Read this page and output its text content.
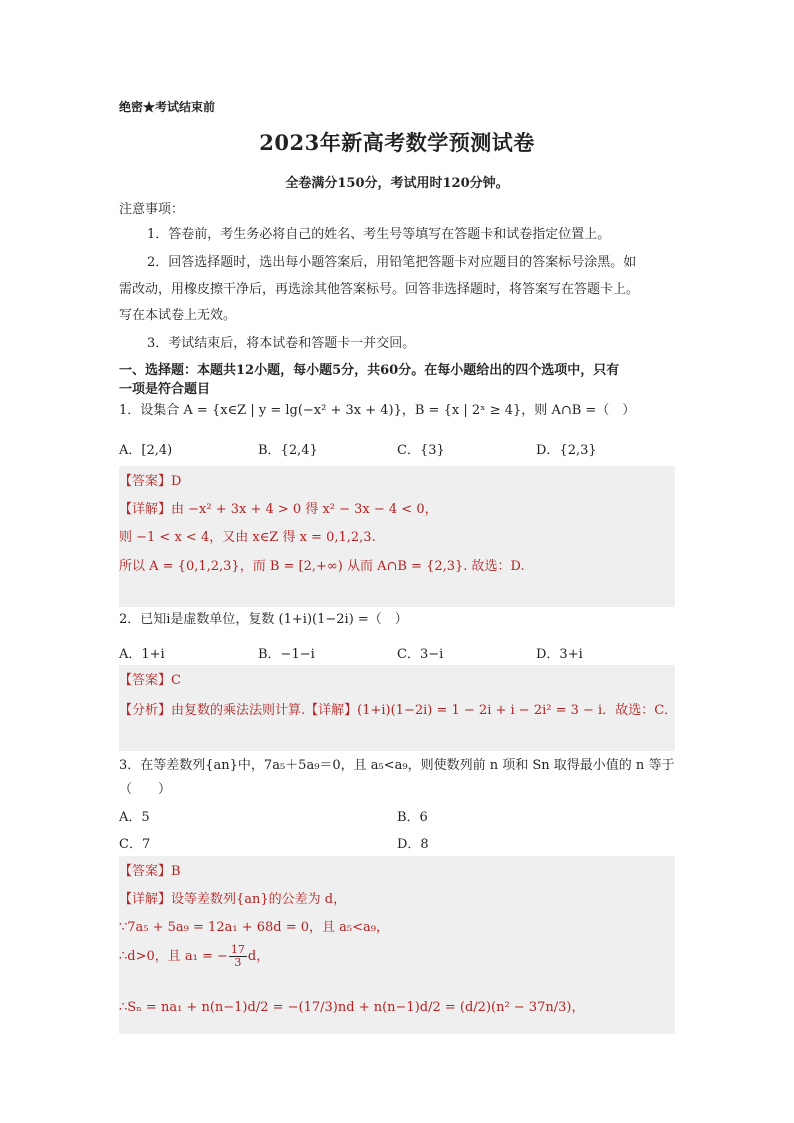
绝密★考试结束前
2023年新高考数学预测试卷
全卷满分150分，考试用时120分钟。
注意事项：
1．答卷前，考生务必将自己的姓名、考生号等填写在答题卡和试卷指定位置上。
2．回答选择题时，选出每小题答案后，用铅笔把答题卡对应题目的答案标号涂黑。如
需改动，用橡皮擦干净后，再选涂其他答案标号。回答非选择题时，将答案写在答题卡上。
写在本试卷上无效。
3．考试结束后，将本试卷和答题卡一并交回。
一、选择题：本题共12小题，每小题5分，共60分。在每小题给出的四个选项中，只有
一项是符合题目
1．设集合 A = {x∈Z | y = lg(−x² + 3x + 4)}，B = {x | 2ˣ ≥ 4}，则 A∩B =（　）
A．[2,4)	B．{2,4}	C．{3}	D．{2,3}
【答案】D
【详解】由 −x² + 3x + 4 > 0 得 x² − 3x − 4 < 0，
则 −1 < x < 4，又由 x∈Z 得 x = 0,1,2,3.
所以 A = {0,1,2,3}，而 B = [2,+∞) 从而 A∩B = {2,3}. 故选：D.
2．已知i是虚数单位，复数 (1+i)(1−2i) =（　）
A．1+i	B．−1−i	C．3−i	D．3+i
【答案】C
【分析】由复数的乘法法则计算.【详解】(1+i)(1−2i) = 1 − 2i + i − 2i² = 3 − i．故选：C．
3．在等差数列{an}中，7a₅＋5a₉＝0，且 a₅<a₉，则使数列前 n 项和 Sn 取得最小值的 n 等于
（　　）
A．5	B．6
C．7	D．8
【答案】B
【详解】设等差数列{an}的公差为 d，
∵7a₅ + 5a₉ = 12a₁ + 68d = 0，且 a₅<a₉，
∴d>0，且 a₁ = − $\frac{17}{3}$ d，
∴Sₙ = na₁ + n(n−1)d/2 = −(17/3)nd + n(n−1)d/2 = (d/2)(n² − 37n/3)，
